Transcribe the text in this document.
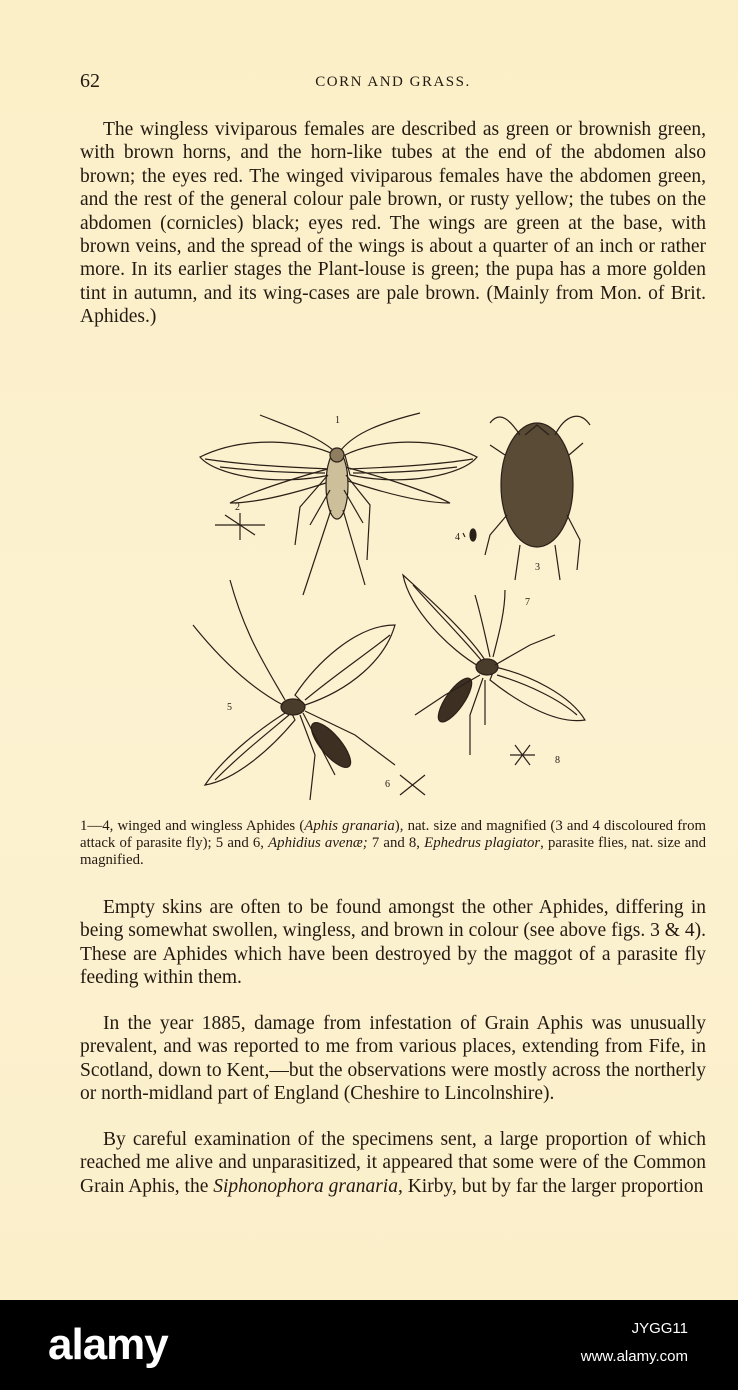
62	CORN AND GRASS.

The wingless viviparous females are described as green or brownish green, with brown horns, and the horn-like tubes at the end of the abdomen also brown; the eyes red. The winged viviparous females have the abdomen green, and the rest of the general colour pale brown, or rusty yellow; the tubes on the abdomen (cornicles) black; eyes red. The wings are green at the base, with brown veins, and the spread of the wings is about a quarter of an inch or rather more. In its earlier stages the Plant-louse is green; the pupa has a more golden tint in autumn, and its wing-cases are pale brown. (Mainly from Mon. of Brit. Aphides.)

1
2
4
3
5
6
7
8

1—4, winged and wingless Aphides (Aphis granaria), nat. size and magnified (3 and 4 discoloured from attack of parasite fly); 5 and 6, Aphidius avenæ; 7 and 8, Ephedrus plagiator, parasite flies, nat. size and magnified.

Empty skins are often to be found amongst the other Aphides, differing in being somewhat swollen, wingless, and brown in colour (see above figs. 3 & 4). These are Aphides which have been destroyed by the maggot of a parasite fly feeding within them.

In the year 1885, damage from infestation of Grain Aphis was unusually prevalent, and was reported to me from various places, extending from Fife, in Scotland, down to Kent,—but the observations were mostly across the northerly or north-midland part of England (Cheshire to Lincolnshire).

By careful examination of the specimens sent, a large proportion of which reached me alive and unparasitized, it appeared that some were of the Common Grain Aphis, the Siphonophora granaria, Kirby, but by far the larger proportion

alamy	JYGG11
www.alamy.com
